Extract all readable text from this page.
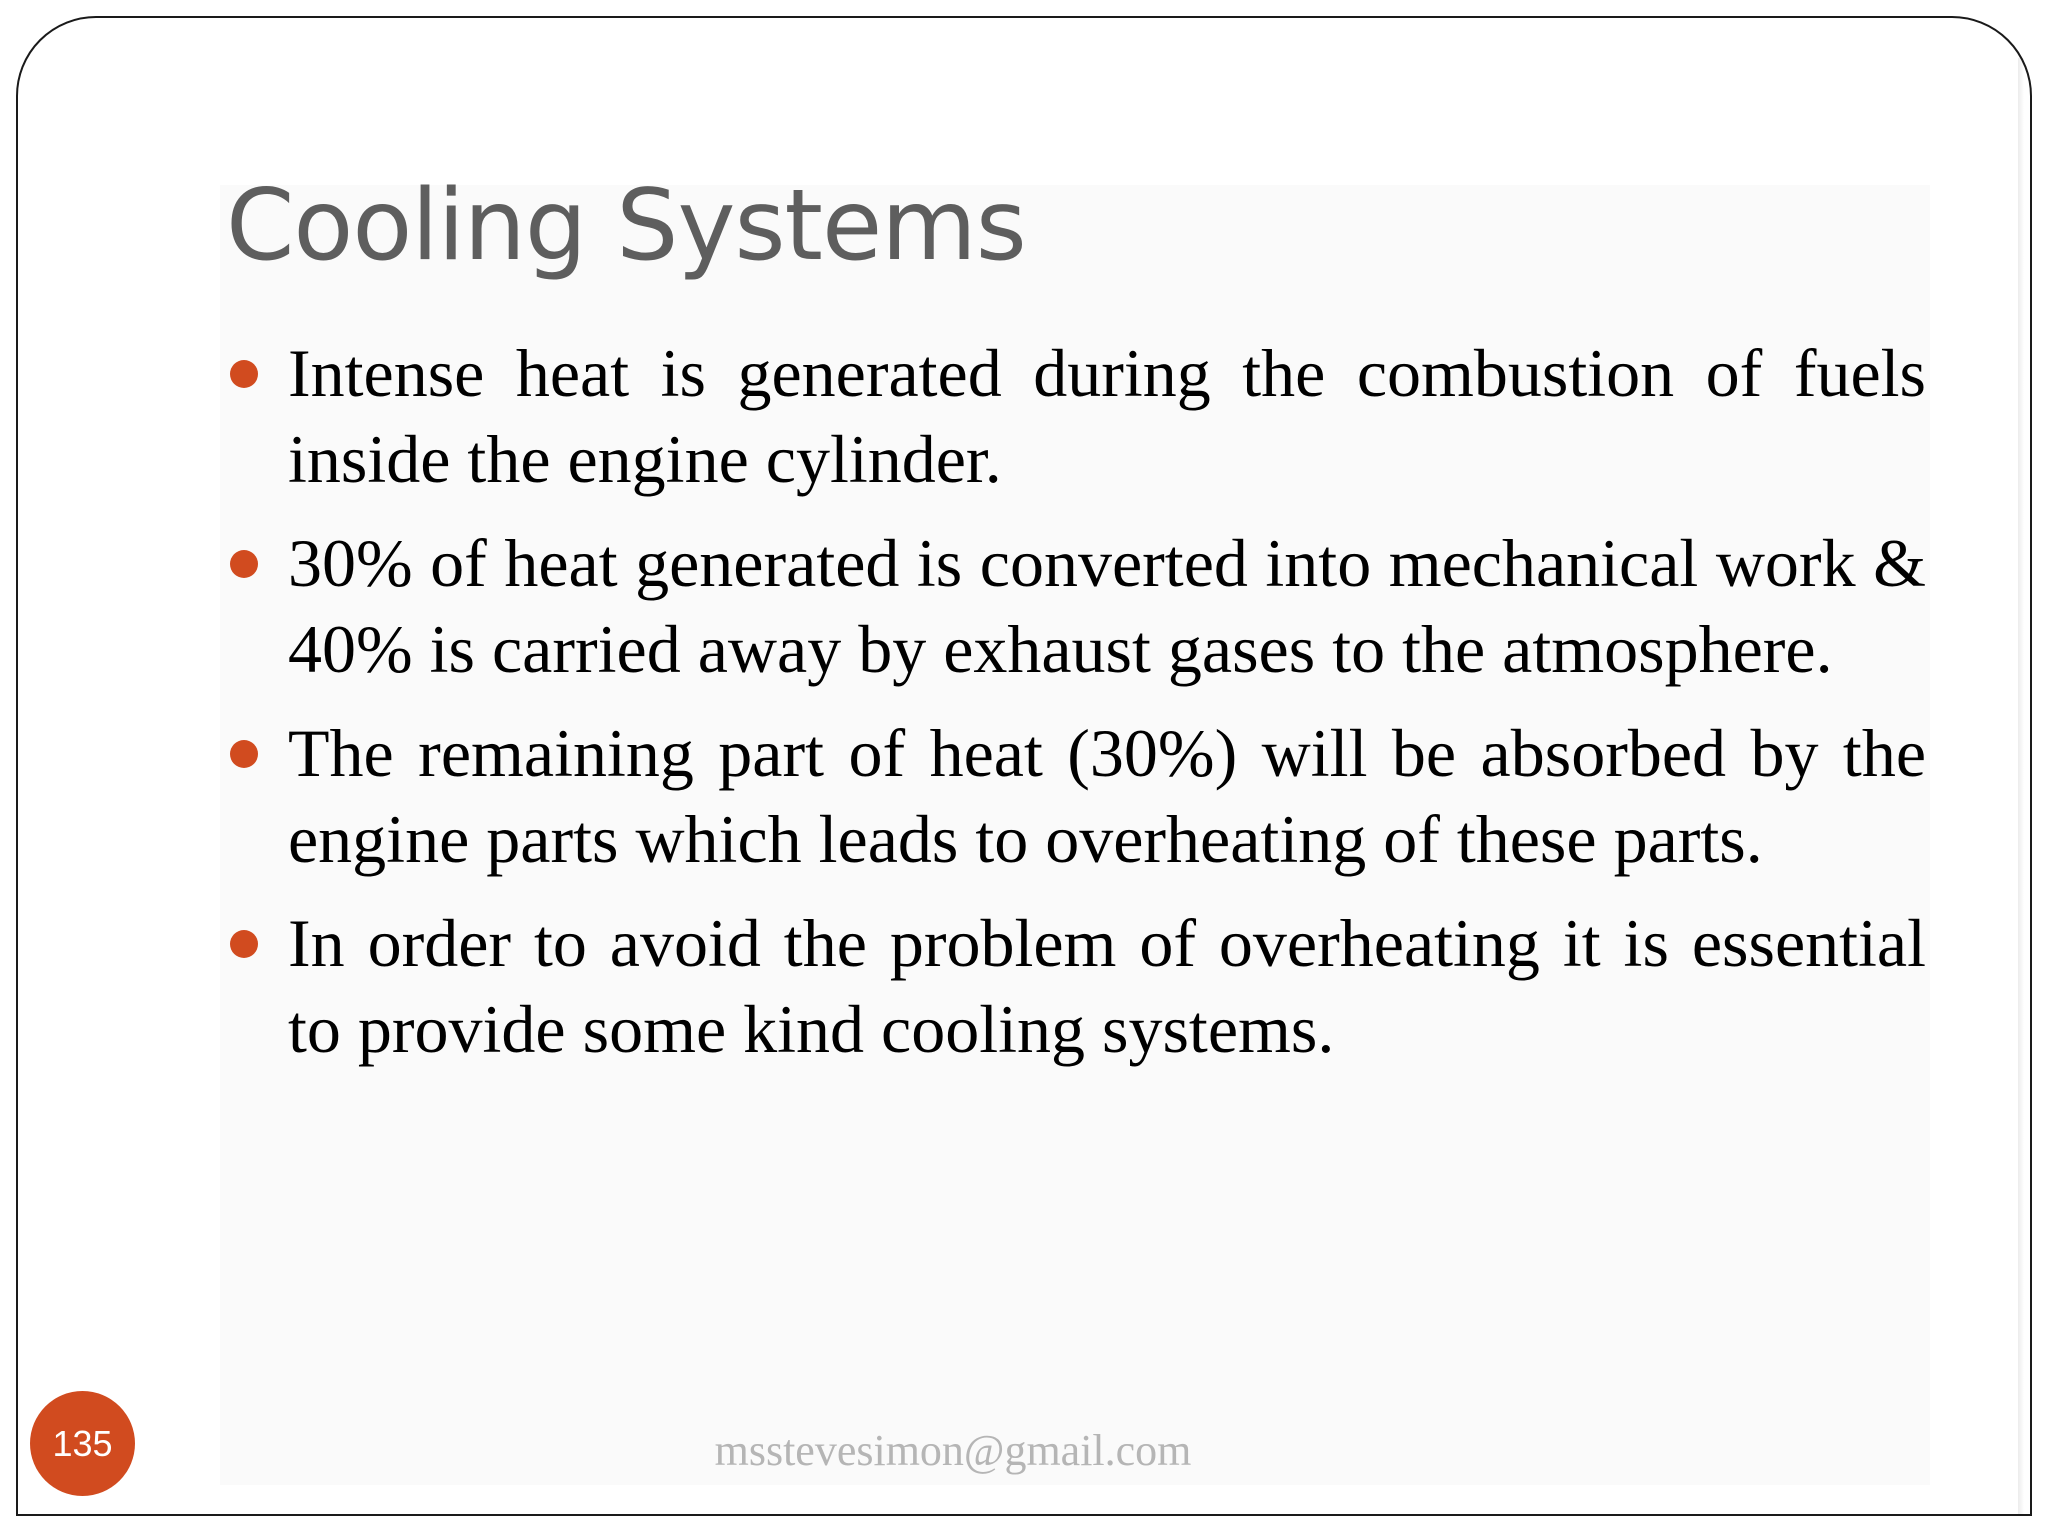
Cooling Systems
Intense heat is generated during the combustion of fuels inside the engine cylinder.
30% of heat generated is converted into mechanical work & 40% is carried away by exhaust gases to the atmosphere.
The remaining part of heat (30%) will be absorbed by the engine parts which leads to overheating of these parts.
In order to avoid the problem of overheating it is essential to provide some kind cooling systems.
135	msstevesimon@gmail.com
